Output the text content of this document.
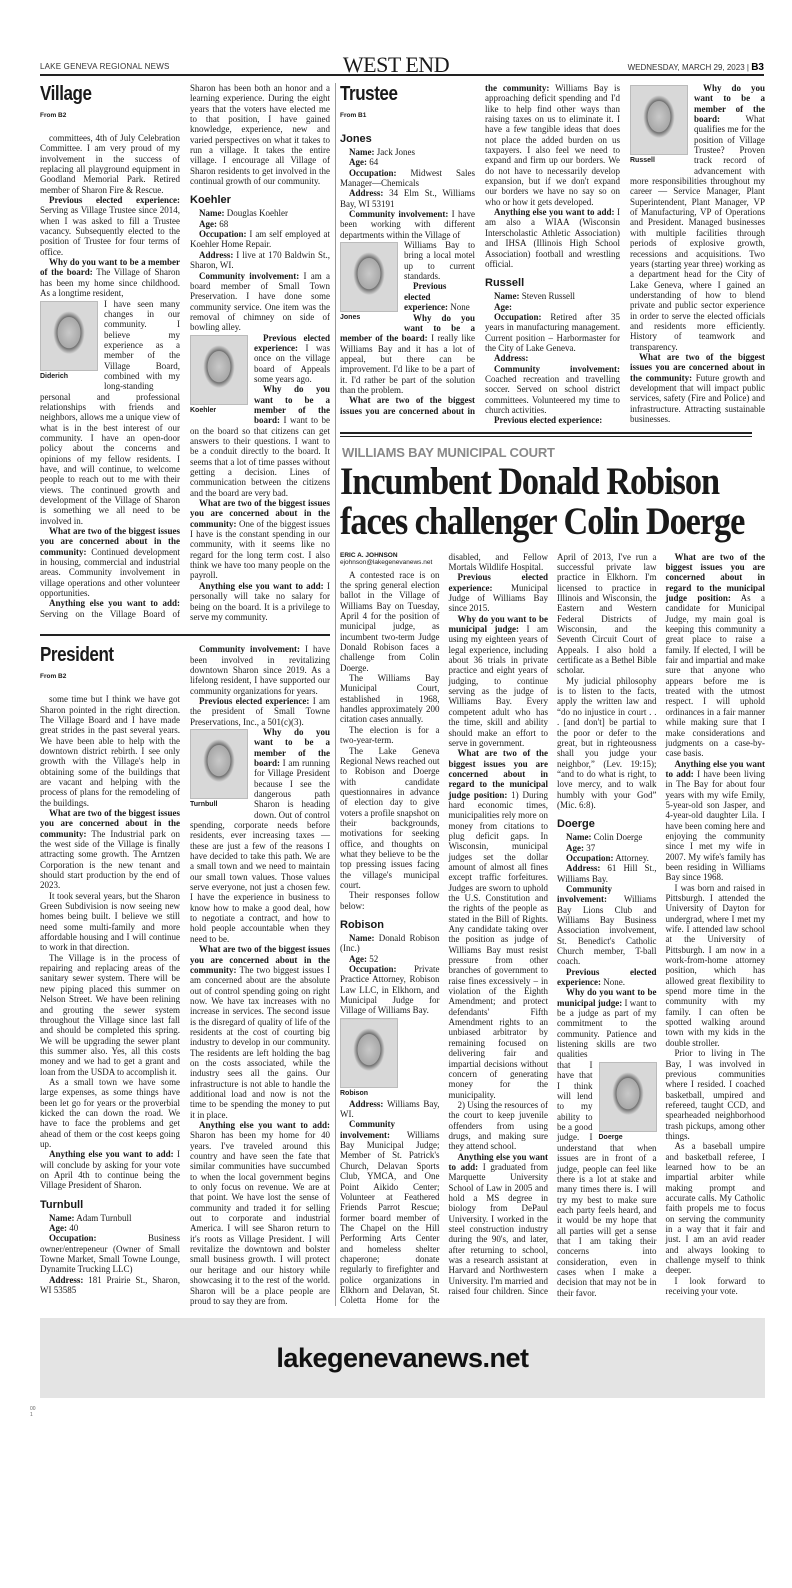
LAKE GENEVA REGIONAL NEWS	WEST END	WEDNESDAY, MARCH 29, 2023 | B3
Village
From B2

committees, 4th of July Celebration Committee. I am very proud of my involvement in the success of replacing all playground equipment in Goodland Memorial Park. Retired member of Sharon Fire & Rescue.

Previous elected experience: Serving as Village Trustee since 2014, when I was asked to fill a Trustee vacancy. Subsequently elected to the position of Trustee for four terms of office.

Why do you want to be a member of the board: The Village of Sharon has been my home since childhood. As a longtime resident,

Diderich

I have seen many changes in our community. I believe my experience as a member of the Village Board, combined with my long-standing personal and professional relationships with friends and neighbors, allows me a unique view of what is in the best interest of our community. I have an open-door policy about the concerns and opinions of my fellow residents. I have, and will continue, to welcome people to reach out to me with their views. The continued growth and development of the Village of Sharon is something we all need to be involved in.

What are two of the biggest issues you are concerned about in the community: Continued development in housing, commercial and industrial areas. Community involvement in village operations and other volunteer opportunities.

Anything else you want to add: Serving on the Village Board of Sharon has been both an honor and a learning experience. During the eight years that the voters have elected me to that position, I have gained knowledge, experience, new and varied perspectives on what it takes to run a village. It takes the entire village. I encourage all Village of Sharon residents to get involved in the continual growth of our community.

Koehler

Name: Douglas Koehler

Age: 68

Occupation: I am self employed at Koehler Home Repair.

Address: I live at 170 Baldwin St., Sharon, WI.

Community involvement: I am a board member of Small Town Preservation. I have done some community service. One item was the removal of chimney on side of bowling alley.

Koehler

Previous elected experience: I was once on the village board of Appeals some years ago.

Why do you want to be a member of the board: I want to be on the board so that citizens can get answers to their questions. I want to be a conduit directly to the board. It seems that a lot of time passes without getting a decision. Lines of communication between the citizens and the board are very bad.

What are two of the biggest issues you are concerned about in the community: One of the biggest issues I have is the constant spending in our community, with it seems like no regard for the long term cost. I also think we have too many people on the payroll.

Anything else you want to add: I personally will take no salary for being on the board. It is a privilege to serve my community.

President
From B2

some time but I think we have got Sharon pointed in the right direction. The Village Board and I have made great strides in the past several years. We have been able to help with the downtown district rebirth. I see only growth with the Village's help in obtaining some of the buildings that are vacant and helping with the process of plans for the remodeling of the buildings.

What are two of the biggest issues you are concerned about in the community: The Industrial park on the west side of the Village is finally attracting some growth. The Arntzen Corporation is the new tenant and should start production by the end of 2023.

It took several years, but the Sharon Green Subdivision is now seeing new homes being built. I believe we still need some multi-family and more affordable housing and I will continue to work in that direction.

The Village is in the process of repairing and replacing areas of the sanitary sewer system. There will be new piping placed this summer on Nelson Street. We have been relining and grouting the sewer system throughout the Village since last fall and should be completed this spring. We will be upgrading the sewer plant this summer also. Yes, all this costs money and we had to get a grant and loan from the USDA to accomplish it.

As a small town we have some large expenses, as some things have been let go for years or the proverbial kicked the can down the road. We have to face the problems and get ahead of them or the cost keeps going up.

Anything else you want to add: I will conclude by asking for your vote on April 4th to continue being the Village President of Sharon.

Turnbull

Name: Adam Turnbull

Age: 40

Occupation: Business owner/entrepeneur (Owner of Small Towne Market, Small Towne Lounge, Dynamite Trucking LLC)

Address: 181 Prairie St., Sharon, WI 53585

Community involvement: I have been involved in revitalizing downtown Sharon since 2019. As a lifelong resident, I have supported our community organizations for years.

Previous elected experience: I am the president of Small Towne Preservations, Inc., a 501(c)(3).

Turnbull

Why do you want to be a member of the board: I am running for Village President because I see the dangerous path Sharon is heading down. Out of control spending, corporate needs before residents, ever increasing taxes — these are just a few of the reasons I have decided to take this path. We are a small town and we need to maintain our small town values. Those values serve everyone, not just a chosen few. I have the experience in business to know how to make a good deal, how to negotiate a contract, and how to hold people accountable when they need to be.

What are two of the biggest issues you are concerned about in the community: The two biggest issues I am concerned about are the absolute out of control spending going on right now. We have tax increases with no increase in services. The second issue is the disregard of quality of life of the residents at the cost of courting big industry to develop in our community. The residents are left holding the bag on the costs associated, while the industry sees all the gains. Our infrastructure is not able to handle the additional load and now is not the time to be spending the money to put it in place.

Anything else you want to add: Sharon has been my home for 40 years. I've traveled around this country and have seen the fate that similar communities have succumbed to when the local government begins to only focus on revenue. We are at that point. We have lost the sense of community and traded it for selling out to corporate and industrial America. I will see Sharon return to it's roots as Village President. I will revitalize the downtown and bolster small business growth. I will protect our heritage and our history while showcasing it to the rest of the world. Sharon will be a place people are proud to say they are from.

Trustee
From B1
Jones

Name: Jack Jones

Age: 64

Occupation: Midwest Sales Manager—Chemicals

Address: 34 Elm St., Williams Bay, WI 53191

Community involvement: I have been working with different departments within the Village of

Jones

Williams Bay to bring a local motel up to current standards.

Previous elected experience: None

Why do you want to be a member of the board: I really like Williams Bay and it has a lot of appeal, but there can be improvement. I'd like to be a part of it. I'd rather be part of the solution than the problem.

What are two of the biggest issues you are concerned about in the community: Williams Bay is approaching deficit spending and I'd like to help find other ways than raising taxes on us to eliminate it. I have a few tangible ideas that does not place the added burden on us taxpayers. I also feel we need to expand and firm up our borders. We do not have to necessarily develop expansion, but if we don't expand our borders we have no say so on who or how it gets developed.

Anything else you want to add: I am also a WIAA (Wisconsin Interscholastic Athletic Association) and IHSA (Illinois High School Association) football and wrestling official.

Russell

Name: Steven Russell

Age:

Occupation: Retired after 35 years in manufacturing management. Current position – Harbormaster for the City of Lake Geneva.

Address:

Community involvement: Coached recreation and travelling soccer. Served on school district committees. Volunteered my time to church activities.

Previous elected experience:

Russell

Why do you want to be a member of the board: What qualifies me for the position of Village Trustee? Proven track record of advancement with more responsibilities throughout my career — Service Manager, Plant Superintendent, Plant Manager, VP of Manufacturing, VP of Operations and President. Managed businesses with multiple facilities through periods of explosive growth, recessions and acquisitions. Two years (starting year three) working as a department head for the City of Lake Geneva, where I gained an understanding of how to blend private and public sector experience in order to serve the elected officials and residents more efficiently. History of teamwork and transparency.

What are two of the biggest issues you are concerned about in the community: Future growth and development that will impact public services, safety (Fire and Police) and infrastructure. Attracting sustainable businesses.

WILLIAMS BAY MUNICIPAL COURT
Incumbent Donald Robison faces challenger Colin Doerge
ERIC A. JOHNSON
ejohnson@lakegenevanews.net

A contested race is on the spring general election ballot in the Village of Williams Bay on Tuesday, April 4 for the position of municipal judge, as incumbent two-term Judge Donald Robison faces a challenge from Colin Doerge.

The Williams Bay Municipal Court, established in 1968, handles approximately 200 citation cases annually.

The election is for a two-year-term.

The Lake Geneva Regional News reached out to Robison and Doerge with candidate questionnaires in advance of election day to give voters a profile snapshot on their backgrounds, motivations for seeking office, and thoughts on what they believe to be the top pressing issues facing the village's municipal court.

Their responses follow below:

Robison

Name: Donald Robison (Inc.)

Age: 52

Occupation: Private Practice Attorney, Robison Law LLC, in Elkhorn, and Municipal Judge for Village of Williams Bay.

Robison

Address: Williams Bay, WI.

Community involvement: Williams Bay Municipal Judge; Member of St. Patrick's Church, Delavan Sports Club, YMCA, and One Point Aikido Center; Volunteer at Feathered Friends Parrot Rescue; former board member of The Chapel on the Hill Performing Arts Center and homeless shelter chaperone; donate regularly to firefighter and police organizations in Elkhorn and Delavan, St. Coletta Home for the disabled, and Fellow Mortals Wildlife Hospital.

Previous elected experience: Municipal Judge of Williams Bay since 2015.

Why do you want to be municipal judge: I am using my eighteen years of legal experience, including about 36 trials in private practice and eight years of judging, to continue serving as the judge of Williams Bay. Every competent adult who has the time, skill and ability should make an effort to serve in government.

What are two of the biggest issues you are concerned about in regard to the municipal judge position: 1) During hard economic times, municipalities rely more on money from citations to plug deficit gaps. In Wisconsin, municipal judges set the dollar amount of almost all fines except traffic forfeitures. Judges are sworn to uphold the U.S. Constitution and the rights of the people as stated in the Bill of Rights. Any candidate taking over the position as judge of Williams Bay must resist pressure from other branches of government to raise fines excessively – in violation of the Eighth Amendment; and protect defendants' Fifth Amendment rights to an unbiased arbitrator by remaining focused on delivering fair and impartial decisions without concern of generating money for the municipality.

2) Using the resources of the court to keep juvenile offenders from using drugs, and making sure they attend school.

Anything else you want to add: I graduated from Marquette University School of Law in 2005 and hold a MS degree in biology from DePaul University. I worked in the steel construction industry during the 90's, and later, after returning to school, was a research assistant at Harvard and Northwestern University. I'm married and raised four children. Since April of 2013, I've run a successful private law practice in Elkhorn. I'm licensed to practice in Illinois and Wisconsin, the Eastern and Western Federal Districts of Wisconsin, and the Seventh Circuit Court of Appeals. I also hold a certificate as a Bethel Bible scholar.

My judicial philosophy is to listen to the facts, apply the written law and “do no injustice in court . . . [and don't] be partial to the poor or defer to the great, but in righteousness shall you judge your neighbor,” (Lev. 19:15); “and to do what is right, to love mercy, and to walk humbly with your God” (Mic. 6:8).

Doerge

Name: Colin Doerge

Age: 37

Occupation: Attorney.

Address: 61 Hill St., Williams Bay.

Community involvement: Williams Bay Lions Club and Williams Bay Business Association involvement, St. Benedict's Catholic Church member, T-ball coach.

Previous elected experience: None.

Why do you want to be municipal judge: I want to be a judge as part of my commitment to the community. Patience and listening skills are two qualities

Doerge

that I have that I think will lend to my ability to be a good judge. I understand that when issues are in front of a judge, people can feel like there is a lot at stake and many times there is. I will try my best to make sure each party feels heard, and it would be my hope that all parties will get a sense that I am taking their concerns into consideration, even in cases when I make a decision that may not be in their favor.

What are two of the biggest issues you are concerned about in regard to the municipal judge position: As a candidate for Municipal Judge, my main goal is keeping this community a great place to raise a family. If elected, I will be fair and impartial and make sure that anyone who appears before me is treated with the utmost respect. I will uphold ordinances in a fair manner while making sure that I make considerations and judgments on a case-by-case basis.

Anything else you want to add: I have been living in The Bay for about four years with my wife Emily, 5-year-old son Jasper, and 4-year-old daughter Lila. I have been coming here and enjoying the community since I met my wife in 2007. My wife's family has been residing in Williams Bay since 1968.

I was born and raised in Pittsburgh. I attended the University of Dayton for undergrad, where I met my wife. I attended law school at the University of Pittsburgh. I am now in a work-from-home attorney position, which has allowed great flexibility to spend more time in the community with my family. I can often be spotted walking around town with my kids in the double stroller.

Prior to living in The Bay, I was involved in previous communities where I resided. I coached basketball, umpired and refereed, taught CCD, and spearheaded neighborhood trash pickups, among other things.

As a baseball umpire and basketball referee, I learned how to be an impartial arbiter while making prompt and accurate calls. My Catholic faith propels me to focus on serving the community in a way that it fair and just. I am an avid reader and always looking to challenge myself to think deeper.

I look forward to receiving your vote.

lakegenevanews.net
00
1
